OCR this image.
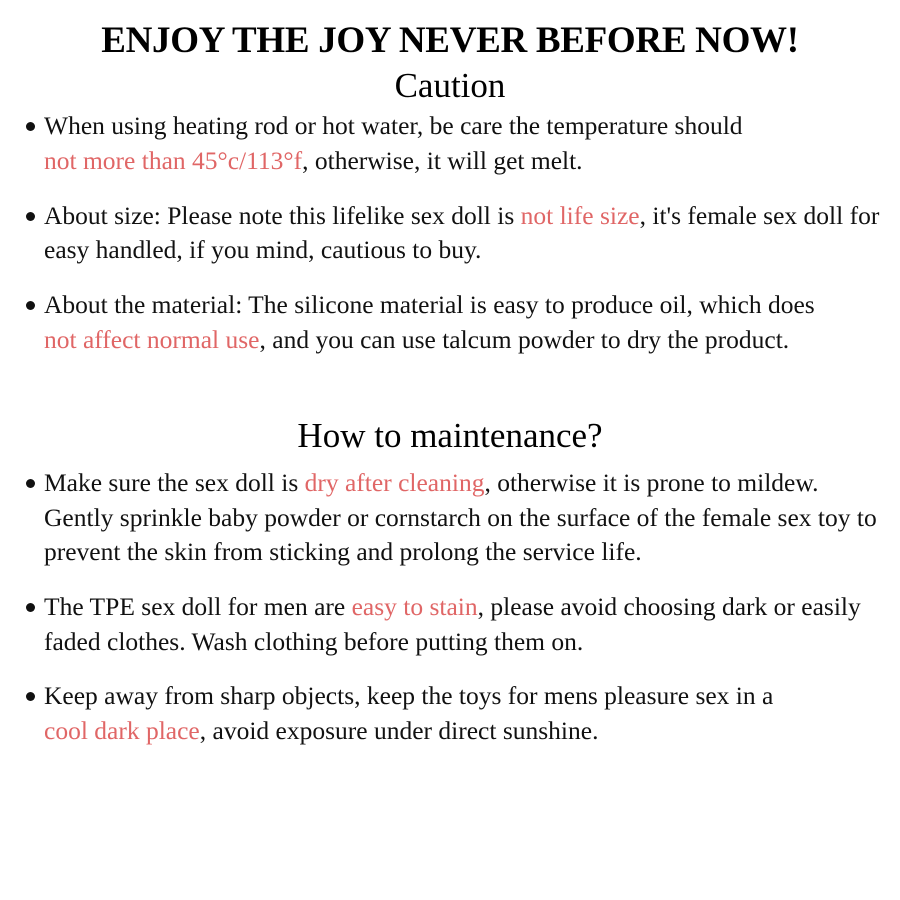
ENJOY THE JOY NEVER BEFORE NOW!
Caution
When using heating rod or hot water, be care the temperature should not more than 45°c/113°f, otherwise, it will get melt.
About size: Please note this lifelike sex doll is not life size, it's female sex doll for easy handled, if you mind, cautious to buy.
About the material: The silicone material is easy to produce oil, which does not affect normal use, and you can use talcum powder to dry the product.
How to maintenance?
Make sure the sex doll is dry after cleaning, otherwise it is prone to mildew. Gently sprinkle baby powder or cornstarch on the surface of the female sex toy to prevent the skin from sticking and prolong the service life.
The TPE sex doll for men are easy to stain, please avoid choosing dark or easily faded clothes. Wash clothing before putting them on.
Keep away from sharp objects, keep the toys for mens pleasure sex in a cool dark place, avoid exposure under direct sunshine.
